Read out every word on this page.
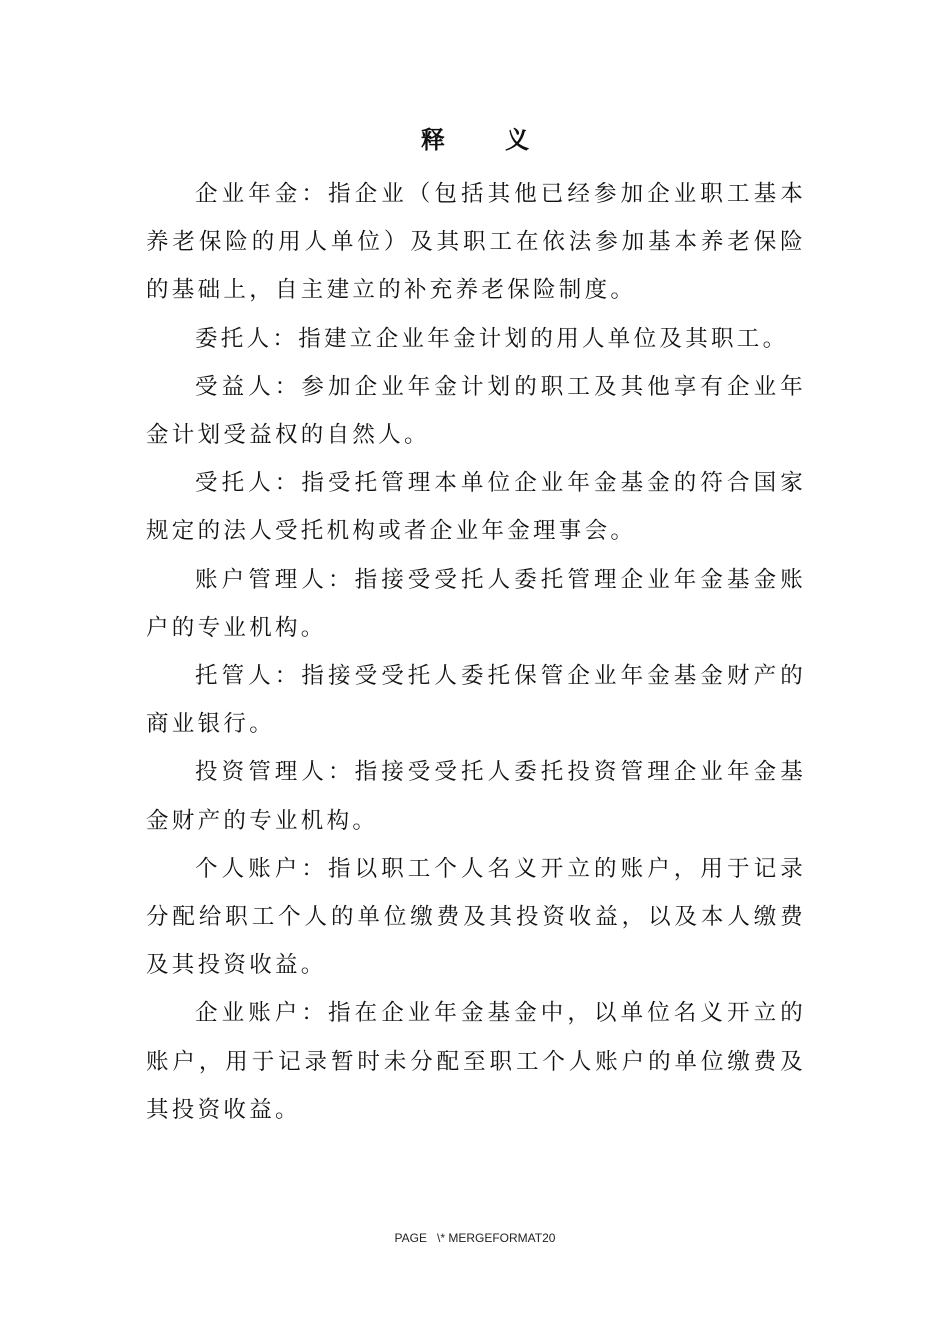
释 义

企业年金：指企业（包括其他已经参加企业职工基本养老保险的用人单位）及其职工在依法参加基本养老保险的基础上，自主建立的补充养老保险制度。

委托人：指建立企业年金计划的用人单位及其职工。

受益人：参加企业年金计划的职工及其他享有企业年金计划受益权的自然人。

受托人：指受托管理本单位企业年金基金的符合国家规定的法人受托机构或者企业年金理事会。

账户管理人：指接受受托人委托管理企业年金基金账户的专业机构。

托管人：指接受受托人委托保管企业年金基金财产的商业银行。

投资管理人：指接受受托人委托投资管理企业年金基金财产的专业机构。

个人账户：指以职工个人名义开立的账户，用于记录分配给职工个人的单位缴费及其投资收益，以及本人缴费及其投资收益。

企业账户：指在企业年金基金中，以单位名义开立的账户，用于记录暂时未分配至职工个人账户的单位缴费及其投资收益。

PAGE   \* MERGEFORMAT20
